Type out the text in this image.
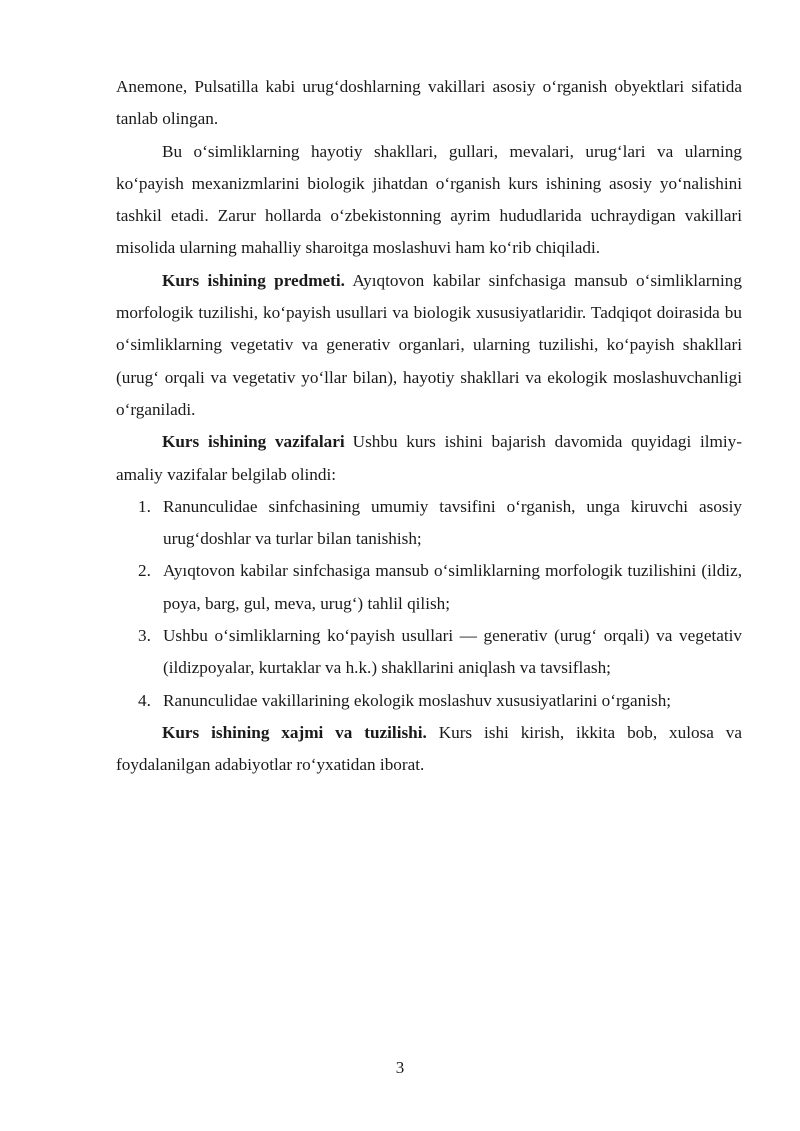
Anemone, Pulsatilla kabi urug‘doshlarning vakillari asosiy o‘rganish obyektlari sifatida tanlab olingan.

Bu o‘simliklarning hayotiy shakllari, gullari, mevalari, urug‘lari va ularning ko‘payish mexanizmlarini biologik jihatdan o‘rganish kurs ishining asosiy yo‘nalishini tashkil etadi. Zarur hollarda o‘zbekistonning ayrim hududlarida uchraydigan vakillari misolida ularning mahalliy sharoitga moslashuvi ham ko‘rib chiqiladi.

Kurs ishining predmeti. Ayıqtovon kabilar sinfchasiga mansub o‘simliklarning morfologik tuzilishi, ko‘payish usullari va biologik xususiyatlaridir. Tadqiqot doirasida bu o‘simliklarning vegetativ va generativ organlari, ularning tuzilishi, ko‘payish shakllari (urug‘ orqali va vegetativ yo‘llar bilan), hayotiy shakllari va ekologik moslashuvchanligi o‘rganiladi.

Kurs ishining vazifalari Ushbu kurs ishini bajarish davomida quyidagi ilmiy-amaliy vazifalar belgilab olindi:

1. Ranunculidae sinfchasining umumiy tavsifini o‘rganish, unga kiruvchi asosiy urug‘doshlar va turlar bilan tanishish;
2. Ayıqtovon kabilar sinfchasiga mansub o‘simliklarning morfologik tuzilishini (ildiz, poya, barg, gul, meva, urug‘) tahlil qilish;
3. Ushbu o‘simliklarning ko‘payish usullari — generativ (urug‘ orqali) va vegetativ (ildizpoyalar, kurtaklar va h.k.) shakllarini aniqlash va tavsiflash;
4. Ranunculidae vakillarining ekologik moslashuv xususiyatlarini o‘rganish;

Kurs ishining xajmi va tuzilishi. Kurs ishi kirish, ikkita bob, xulosa va foydalanilgan adabiyotlar ro‘yxatidan iborat.

3
